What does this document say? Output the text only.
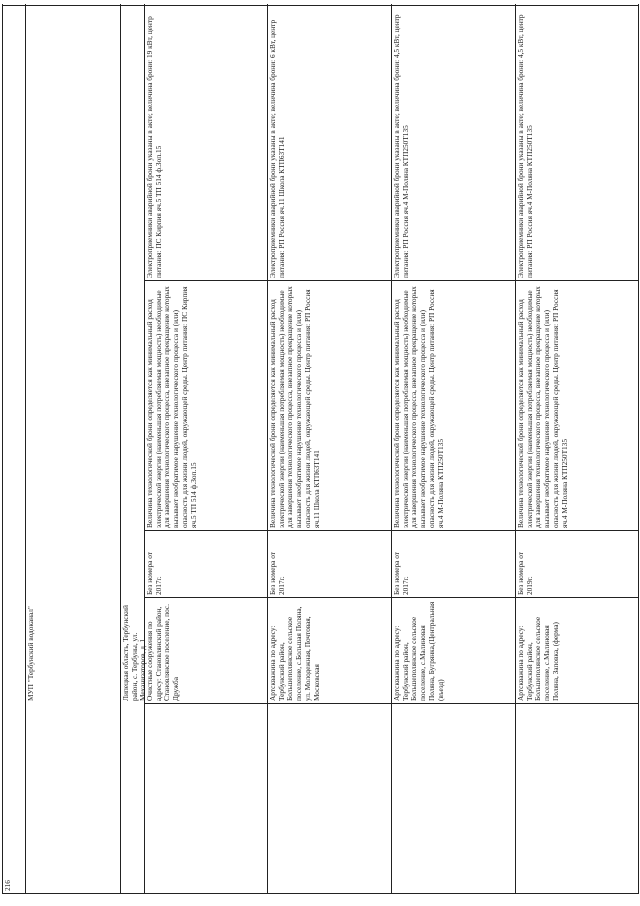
216
МУП "Тербунский водоканал"	Липецкая область, Тербунский район, с. Тербуны, ул. Механизаторов, д. 1
Очистные сооружения по адресу: Становлянский район, Становлянское поселение, пос. Дружба	Артскважина по адресу: Тербунский район, Большеполянское сельское поселение, с.Большая Поляна, ул. Молодежная, Почтовая, Московская	Артскважина по адресу: Тербунский район, Большеполянское сельское поселение, с.Малиновая Поляна, Бугрянка,(Центральная (въезд)	Артскважина по адресу: Тербунский район, Большеполянское сельское поселение, с.Малиновая Поляна, Заповка, (ферма)
Без номера от 2017г.	Без номера от 2017г.	Без номера от 2017г.	Без номера от 2019г.
Величина технологической брони определяется как минимальный расход электрической энергии (наименьшая потребляемая мощность) необходимые для завершения технологического процесса, внезапное прекращение которых вызывает необратимое нарушение технологического процесса и (или) опасность для жизни людей, окружающей среды. Центр питания: ПС Кирпия яч.5 ТП 514 ф.Зоп.15	Величина технологической брони определяется как минимальный расход электрической энергии (наименьшая потребляемая мощность) необходимые для завершения технологического процесса, внезапное прекращение которых вызывает необратимое нарушение технологического процесса и (или) опасность для жизни людей, окружающей среды. Центр питания: РП Россия яч.11 Школа КТП63Т141	Величина технологической брони определяется как минимальный расход электрической энергии (наименьшая потребляемая мощность) необходимые для завершения технологического процесса, внезапное прекращение которых вызывает необратимое нарушение технологического процесса и (или) опасность для жизни людей, окружающей среды. Центр питания: РП Россия яч.4 М-Поляна КТП250Т135	Величина технологической брони определяется как минимальный расход электрической энергии (наименьшая потребляемая мощность) необходимые для завершения технологического процесса, внезапное прекращение которых вызывает необратимое нарушение технологического процесса и (или) опасность для жизни людей, окружающей среды. Центр питания: РП Россия яч.4 М-Поляна КТП250Т135
Электроприемники аварийной брони указаны в акте; величина брони: 19 кВт, центр питания: ПС Кирпия яч.5 ТП 514 ф.Зоп.15	Электроприемники аварийной брони указаны в акте; величина брони: 6 кВт, центр питания: РП Россия яч.11 Школа КТП63Т141	Электроприемники аварийной брони указаны в акте; величина брони: 4,5 кВт, центр питания: РП Россия яч.4 М-Поляна КТП250Т135	Электроприемники аварийной брони указаны в акте; величина брони: 4,5 кВт, центр питания: РП Россия яч.4 М-Поляна КТП250Т135
